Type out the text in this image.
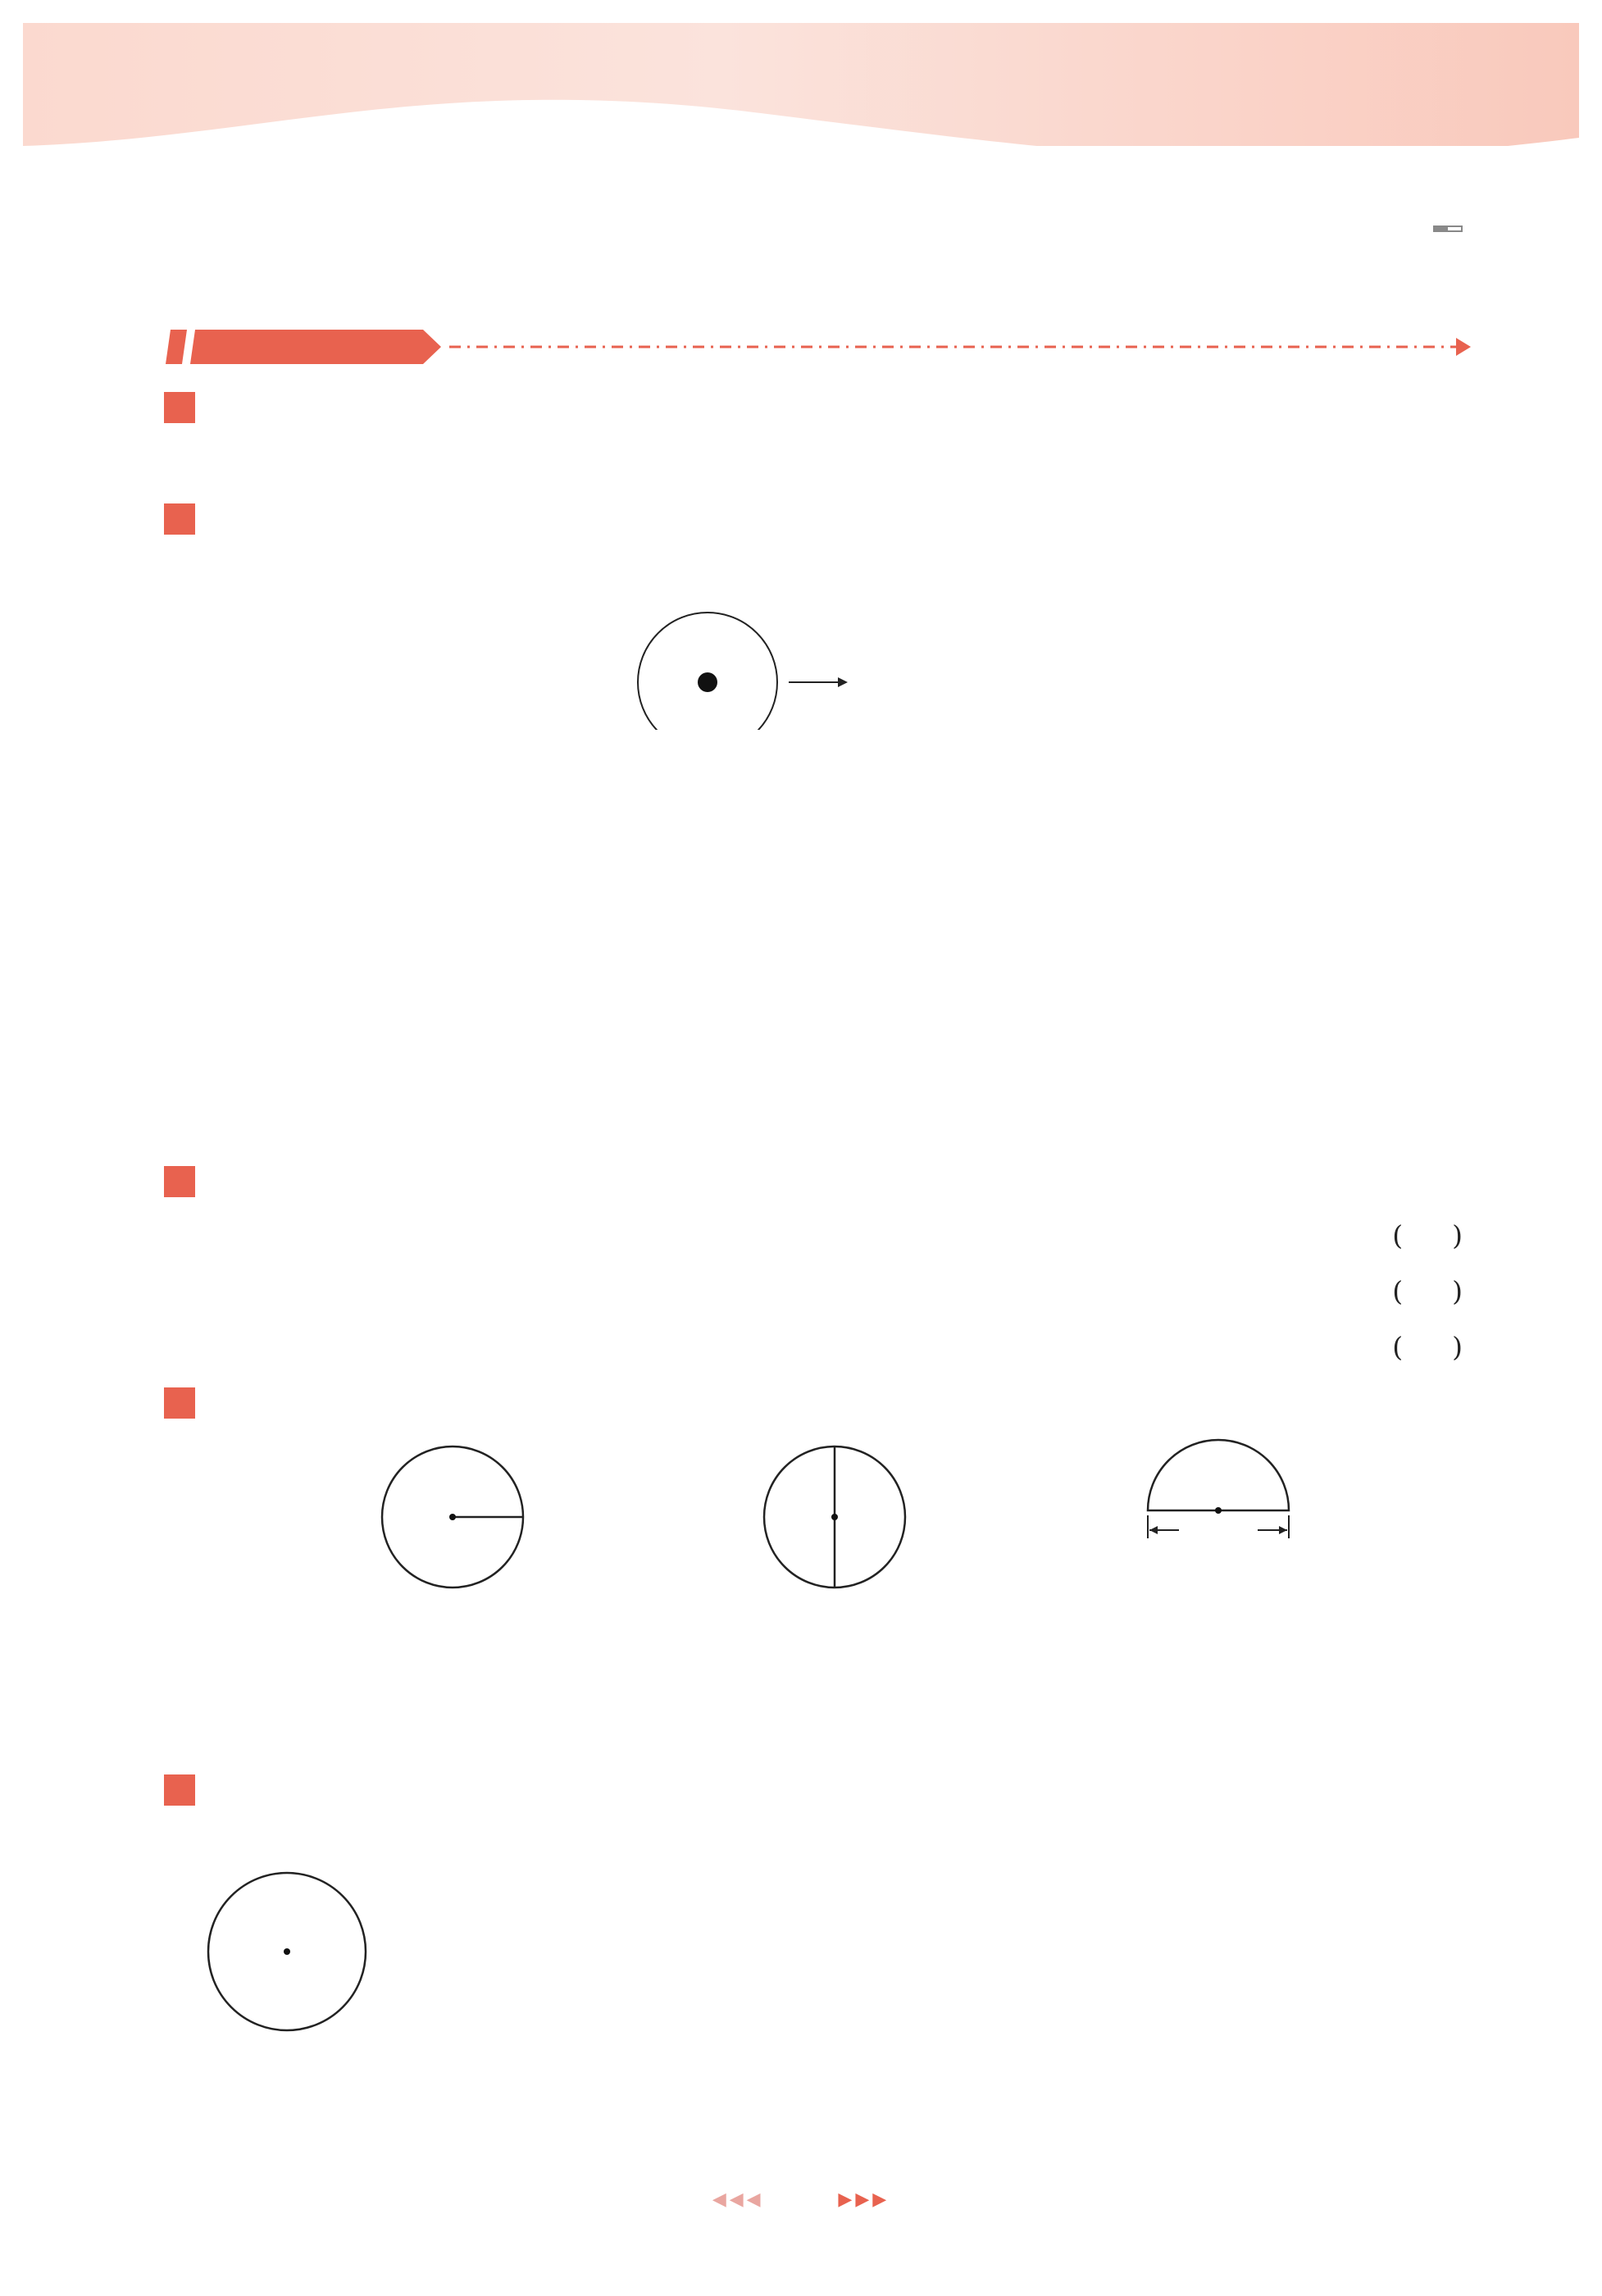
( )
( )
( )
◀◀◀	▶▶▶
